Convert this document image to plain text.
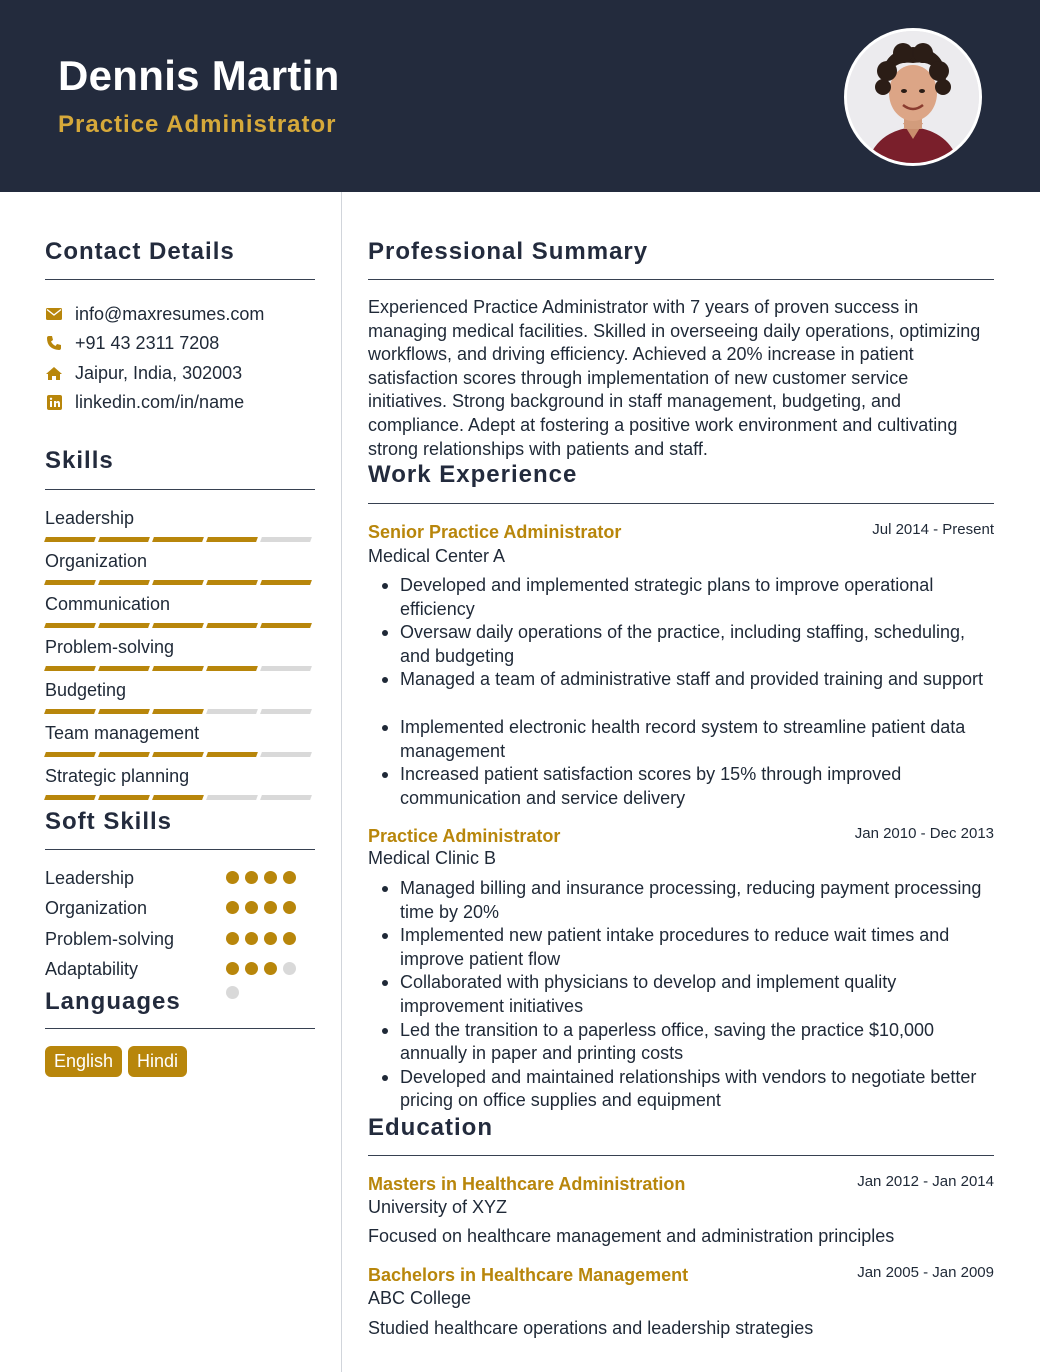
Dennis Martin
Practice Administrator
Contact Details
info@maxresumes.com
+91 43 2311 7208
Jaipur, India, 302003
linkedin.com/in/name
Skills
Leadership
Organization
Communication
Problem-solving
Budgeting
Team management
Strategic planning
Soft Skills
Leadership
Organization
Problem-solving
Adaptability
Languages
English	Hindi
Professional Summary
Experienced Practice Administrator with 7 years of proven success in
managing medical facilities. Skilled in overseeing daily operations, optimizing
workflows, and driving efficiency. Achieved a 20% increase in patient
satisfaction scores through implementation of new customer service
initiatives. Strong background in staff management, budgeting, and
compliance. Adept at fostering a positive work environment and cultivating
strong relationships with patients and staff.
Work Experience
Senior Practice Administrator	Jul 2014 - Present
Medical Center A
Developed and implemented strategic plans to improve operational efficiency
Oversaw daily operations of the practice, including staffing, scheduling, and budgeting
Managed a team of administrative staff and provided training and support
Implemented electronic health record system to streamline patient data management
Increased patient satisfaction scores by 15% through improved communication and service delivery
Practice Administrator	Jan 2010 - Dec 2013
Medical Clinic B
Managed billing and insurance processing, reducing payment processing time by 20%
Implemented new patient intake procedures to reduce wait times and improve patient flow
Collaborated with physicians to develop and implement quality improvement initiatives
Led the transition to a paperless office, saving the practice $10,000 annually in paper and printing costs
Developed and maintained relationships with vendors to negotiate better pricing on office supplies and equipment
Education
Masters in Healthcare Administration	Jan 2012 - Jan 2014
University of XYZ
Focused on healthcare management and administration principles
Bachelors in Healthcare Management	Jan 2005 - Jan 2009
ABC College
Studied healthcare operations and leadership strategies
